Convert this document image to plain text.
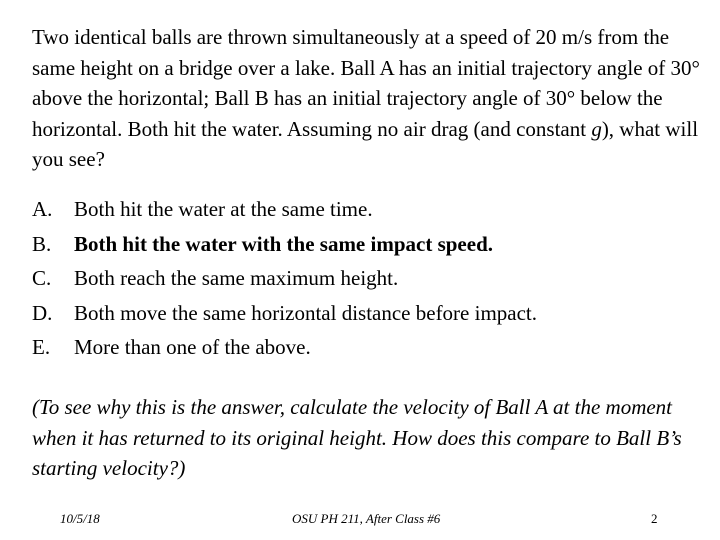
Two identical balls are thrown simultaneously at a speed of 20 m/s from the same height on a bridge over a lake. Ball A has an initial trajectory angle of 30° above the horizontal; Ball B has an initial trajectory angle of 30° below the horizontal. Both hit the water. Assuming no air drag (and constant g), what will you see?

A.	Both hit the water at the same time.
B.	Both hit the water with the same impact speed.
C.	Both reach the same maximum height.
D.	Both move the same horizontal distance before impact.
E.	More than one of the above.

(To see why this is the answer, calculate the velocity of Ball A at the moment when it has returned to its original height. How does this compare to Ball B’s starting velocity?)

10/5/18	OSU PH 211, After Class #6	2
